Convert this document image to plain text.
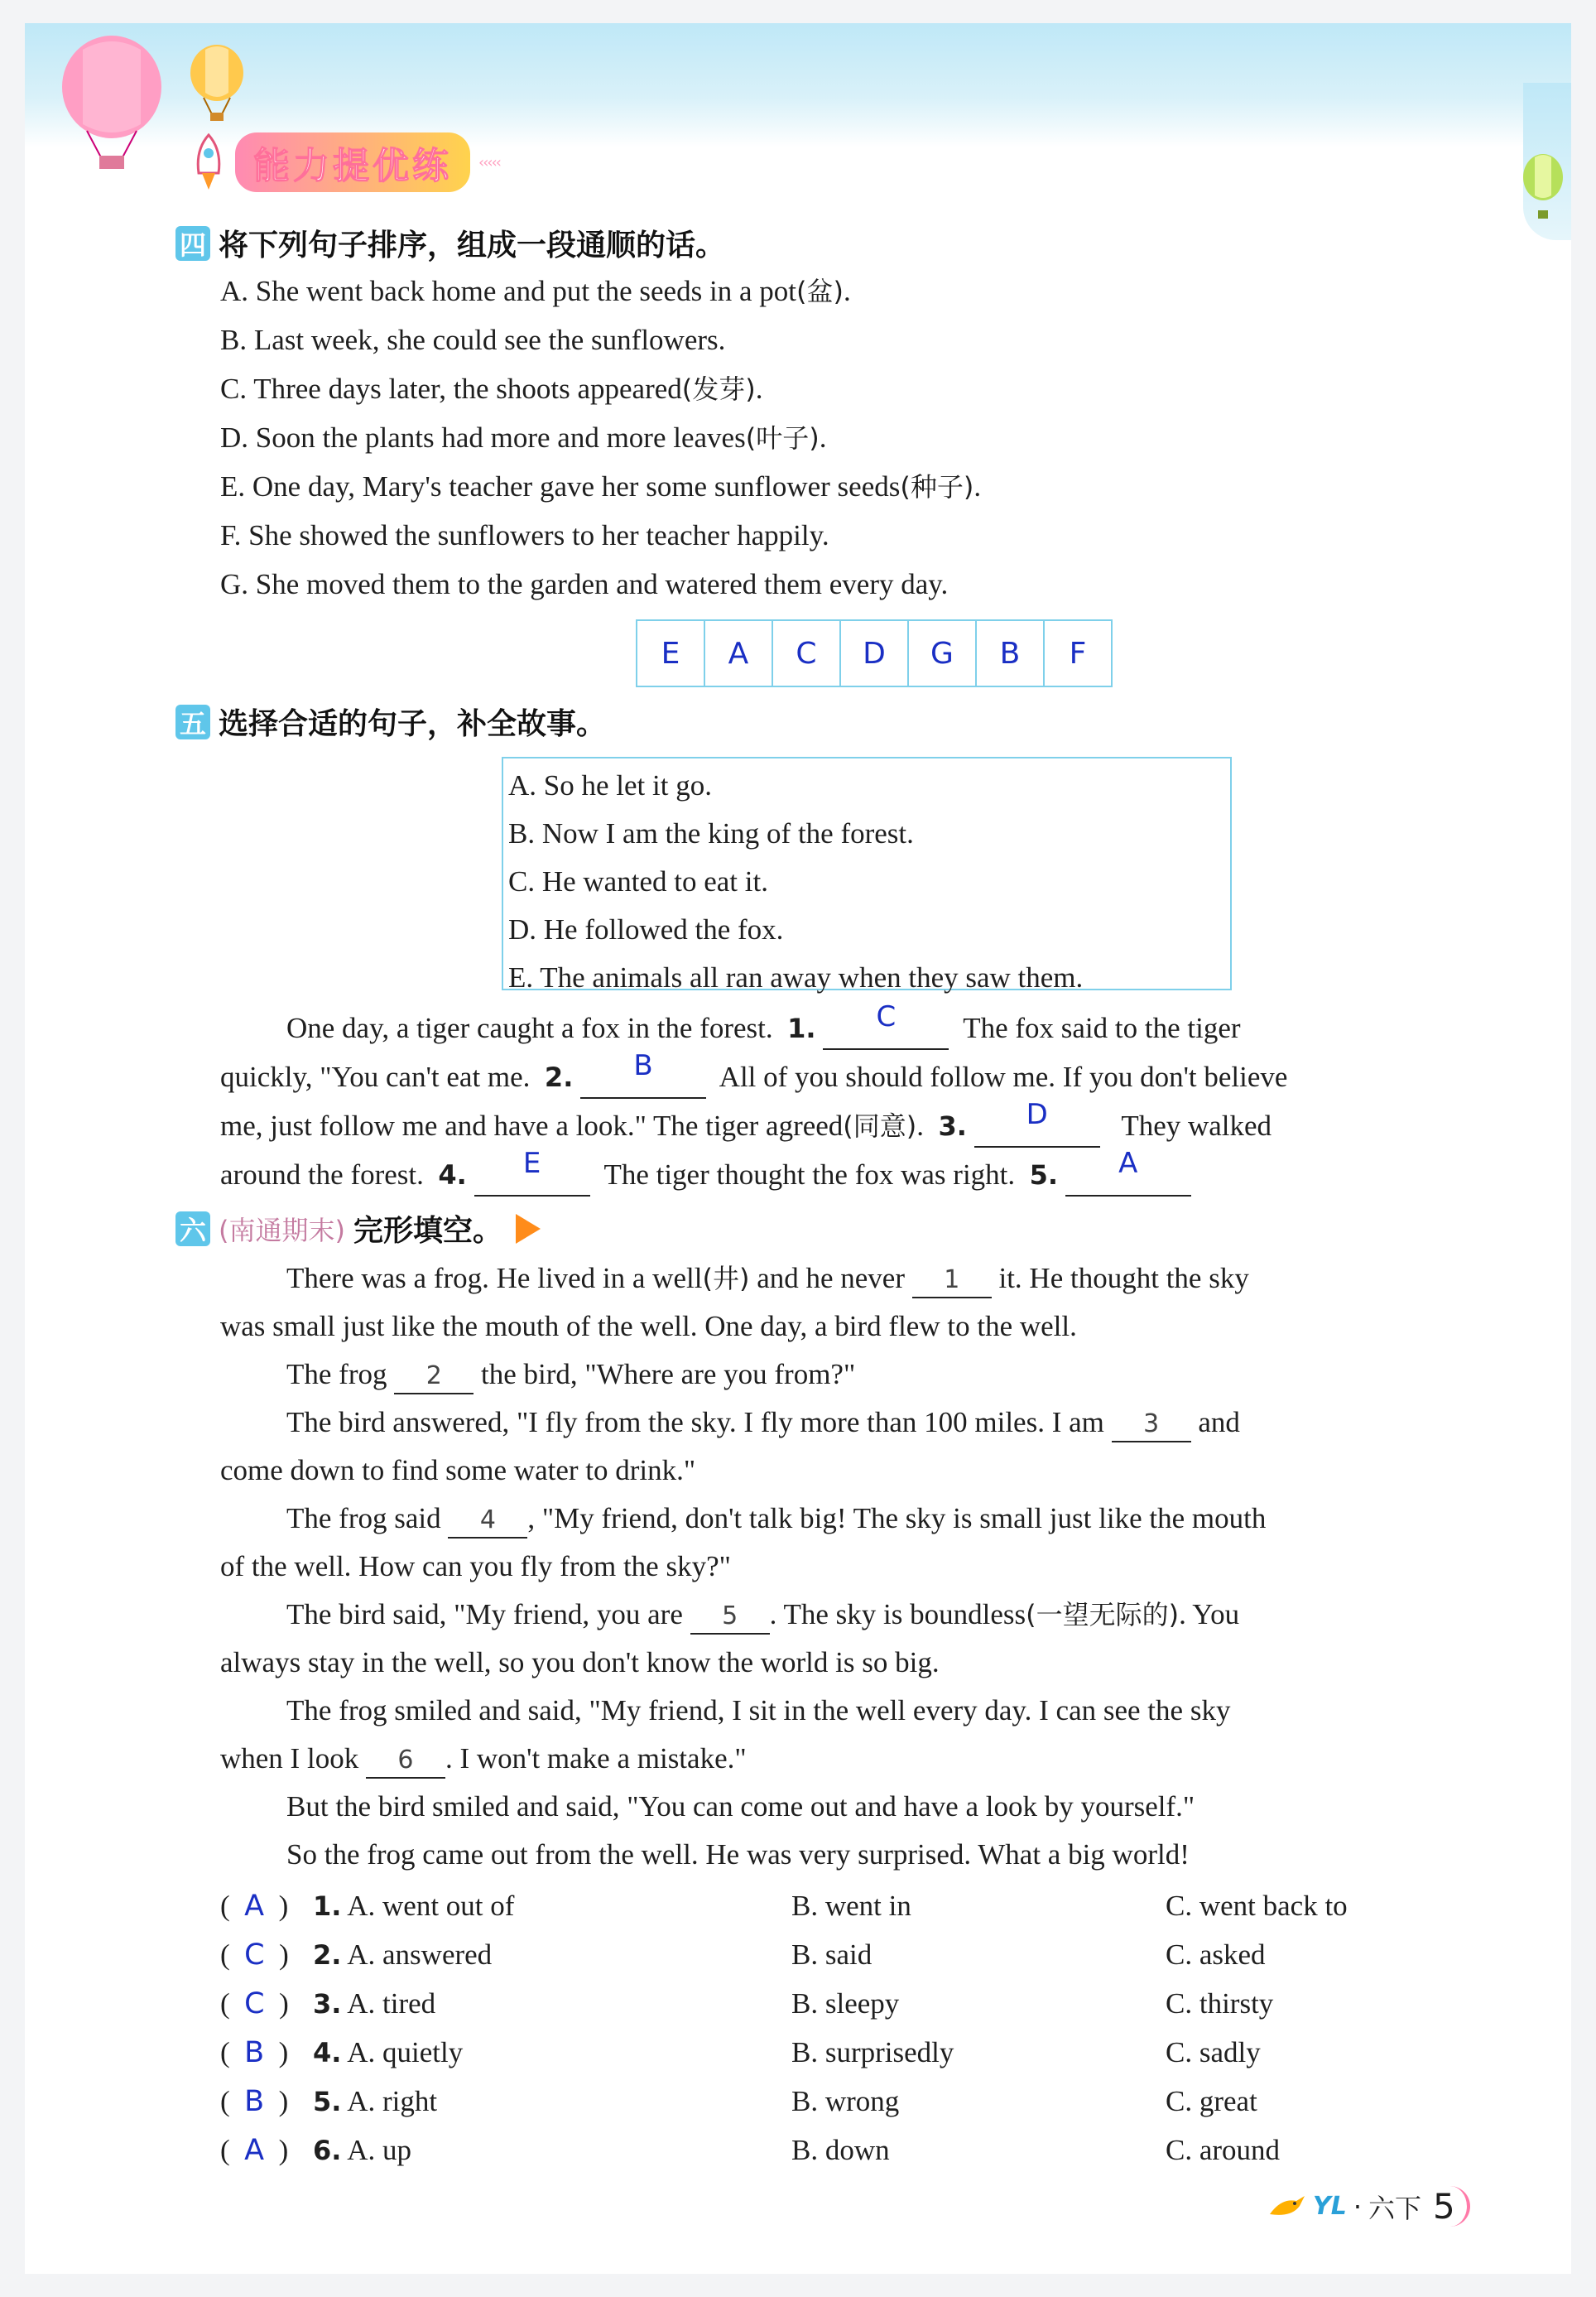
能力提优练	‹‹‹‹‹
四 将下列句子排序，组成一段通顺的话。
A. She went back home and put the seeds in a pot(盆).
B. Last week, she could see the sunflowers.
C. Three days later, the shoots appeared(发芽).
D. Soon the plants had more and more leaves(叶子).
E. One day, Mary's teacher gave her some sunflower seeds(种子).
F. She showed the sunflowers to her teacher happily.
G. She moved them to the garden and watered them every day.
E	A	C	D	G	B	F
五 选择合适的句子，补全故事。
A. So he let it go.
B. Now I am the king of the forest.
C. He wanted to eat it.
D. He followed the fox.
E. The animals all ran away when they saw them.
One day, a tiger caught a fox in the forest. 1. C The fox said to the tiger
quickly, "You can't eat me. 2. B All of you should follow me. If you don't believe
me, just follow me and have a look." The tiger agreed(同意). 3. D	They walked
around the forest. 4. E The tiger thought the fox was right. 5. A
六 (南通期末) 完形填空。
There was a frog. He lived in a well(井) and he never 1 it. He thought the sky
was small just like the mouth of the well. One day, a bird flew to the well.
The frog 2 the bird, "Where are you from?"
The bird answered, "I fly from the sky. I fly more than 100 miles. I am 3 and
come down to find some water to drink."
The frog said 4 , "My friend, don't talk big! The sky is small just like the mouth
of the well. How can you fly from the sky?"
The bird said, "My friend, you are 5 . The sky is boundless(一望无际的). You
always stay in the well, so you don't know the world is so big.
The frog smiled and said, "My friend, I sit in the well every day. I can see the sky
when I look 6 . I won't make a mistake."
But the bird smiled and said, "You can come out and have a look by yourself."
So the frog came out from the well. He was very surprised. What a big world!
(  A  ) 1. A. went out of	B. went in	C. went back to
(  C  ) 2. A. answered	B. said	C. asked
(  C  ) 3. A. tired	B. sleepy	C. thirsty
(  B  ) 4. A. quietly	B. surprisedly	C. sadly
(  B  ) 5. A. right	B. wrong	C. great
(  A  ) 6. A. up	B. down	C. around
YL · 六下 5
